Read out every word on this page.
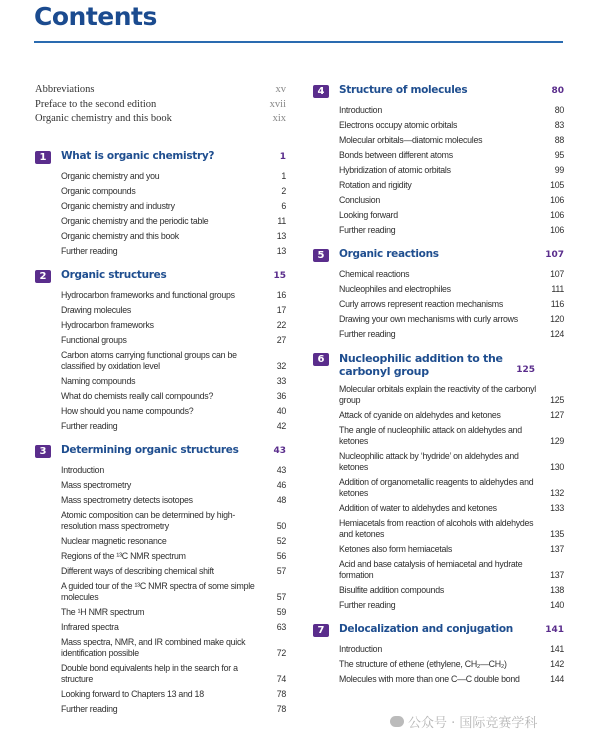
Contents
Abbreviations	xv
Preface to the second edition	xvii
Organic chemistry and this book	xix
1	What is organic chemistry?	1
Organic chemistry and you	1
Organic compounds	2
Organic chemistry and industry	6
Organic chemistry and the periodic table	11
Organic chemistry and this book	13
Further reading	13
2	Organic structures	15
Hydrocarbon frameworks and functional groups	16
Drawing molecules	17
Hydrocarbon frameworks	22
Functional groups	27
Carbon atoms carrying functional groups can be classified by oxidation level	32
Naming compounds	33
What do chemists really call compounds?	36
How should you name compounds?	40
Further reading	42
3	Determining organic structures	43
Introduction	43
Mass spectrometry	46
Mass spectrometry detects isotopes	48
Atomic composition can be determined by high-resolution mass spectrometry	50
Nuclear magnetic resonance	52
Regions of the ¹³C NMR spectrum	56
Different ways of describing chemical shift	57
A guided tour of the ¹³C NMR spectra of some simple molecules	57
The ¹H NMR spectrum	59
Infrared spectra	63
Mass spectra, NMR, and IR combined make quick identification possible	72
Double bond equivalents help in the search for a structure	74
Looking forward to Chapters 13 and 18	78
Further reading	78
4	Structure of molecules	80
Introduction	80
Electrons occupy atomic orbitals	83
Molecular orbitals—diatomic molecules	88
Bonds between different atoms	95
Hybridization of atomic orbitals	99
Rotation and rigidity	105
Conclusion	106
Looking forward	106
Further reading	106
5	Organic reactions	107
Chemical reactions	107
Nucleophiles and electrophiles	111
Curly arrows represent reaction mechanisms	116
Drawing your own mechanisms with curly arrows	120
Further reading	124
6	Nucleophilic addition to the carbonyl group	125
Molecular orbitals explain the reactivity of the carbonyl group	125
Attack of cyanide on aldehydes and ketones	127
The angle of nucleophilic attack on aldehydes and ketones	129
Nucleophilic attack by ‘hydride’ on aldehydes and ketones	130
Addition of organometallic reagents to aldehydes and ketones	132
Addition of water to aldehydes and ketones	133
Hemiacetals from reaction of alcohols with aldehydes and ketones	135
Ketones also form hemiacetals	137
Acid and base catalysis of hemiacetal and hydrate formation	137
Bisulfite addition compounds	138
Further reading	140
7	Delocalization and conjugation	141
Introduction	141
The structure of ethene (ethylene, CH₂—CH₂)	142
Molecules with more than one C—C double bond	144
公众号 · 国际竞赛学科
